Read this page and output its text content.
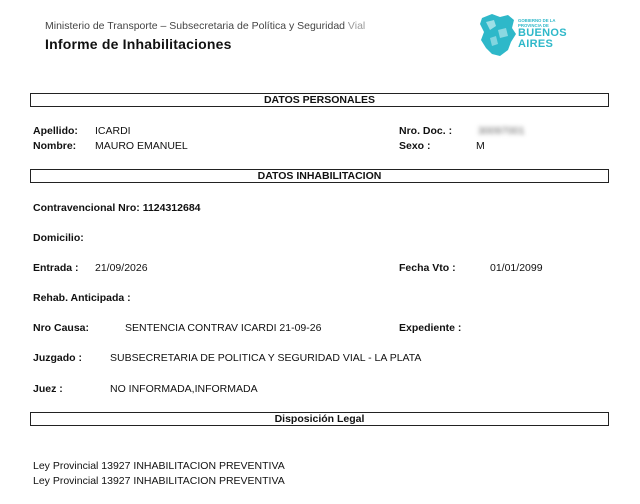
Ministerio de Transporte – Subsecretaria de Política y Seguridad Vial
Informe de Inhabilitaciones
GOBIERNO DE LA
PROVINCIA DE
BUENOS
AIRES
DATOS PERSONALES
Apellido: ICARDI
Nombre: MAURO EMANUEL
Nro. Doc. : 30097001
Sexo :	M
DATOS INHABILITACION
Contravencional Nro: 1124312684
Domicilio:
Entrada : 21/09/2026	Fecha Vto :	01/01/2099
Rehab. Anticipada :
Nro Causa:	SENTENCIA CONTRAV ICARDI 21-09-26	Expediente :
Juzgado :	SUBSECRETARIA DE POLITICA Y SEGURIDAD VIAL - LA PLATA
Juez :	NO INFORMADA,INFORMADA
Disposición Legal
Ley Provincial 13927 INHABILITACION PREVENTIVA
Ley Provincial 13927 INHABILITACION PREVENTIVA
